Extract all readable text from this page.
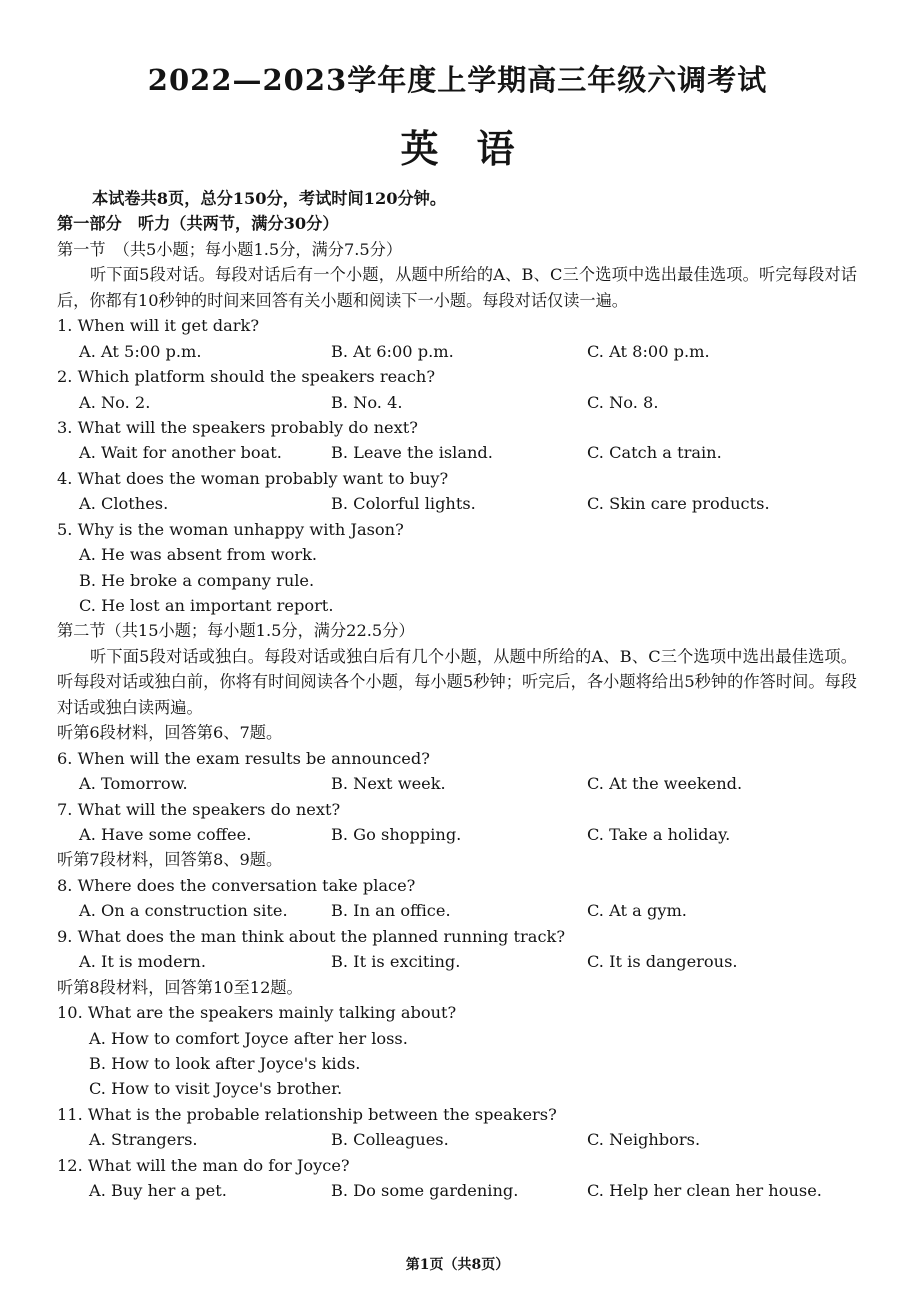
2022—2023学年度上学期高三年级六调考试
英语
本试卷共8页，总分150分，考试时间120分钟。
第一部分　听力（共两节，满分30分）
第一节　（共5小题；每小题1.5分，满分7.5分）
听下面5段对话。每段对话后有一个小题，从题中所给的A、B、C三个选项中选出最佳选项。听完每段对话后，你都有10秒钟的时间来回答有关小题和阅读下一小题。每段对话仅读一遍。
1. When will it get dark?
A. At 5:00 p.m.	B. At 6:00 p.m.	C. At 8:00 p.m.
2. Which platform should the speakers reach?
A. No. 2.	B. No. 4.	C. No. 8.
3. What will the speakers probably do next?
A. Wait for another boat.	B. Leave the island.	C. Catch a train.
4. What does the woman probably want to buy?
A. Clothes.	B. Colorful lights.	C. Skin care products.
5. Why is the woman unhappy with Jason?
A. He was absent from work.
B. He broke a company rule.
C. He lost an important report.
第二节（共15小题；每小题1.5分，满分22.5分）
听下面5段对话或独白。每段对话或独白后有几个小题，从题中所给的A、B、C三个选项中选出最佳选项。听每段对话或独白前，你将有时间阅读各个小题，每小题5秒钟；听完后，各小题将给出5秒钟的作答时间。每段对话或独白读两遍。
听第6段材料，回答第6、7题。
6. When will the exam results be announced?
A. Tomorrow.	B. Next week.	C. At the weekend.
7. What will the speakers do next?
A. Have some coffee.	B. Go shopping.	C. Take a holiday.
听第7段材料，回答第8、9题。
8. Where does the conversation take place?
A. On a construction site.	B. In an office.	C. At a gym.
9. What does the man think about the planned running track?
A. It is modern.	B. It is exciting.	C. It is dangerous.
听第8段材料，回答第10至12题。
10. What are the speakers mainly talking about?
A. How to comfort Joyce after her loss.
B. How to look after Joyce's kids.
C. How to visit Joyce's brother.
11. What is the probable relationship between the speakers?
A. Strangers.	B. Colleagues.	C. Neighbors.
12. What will the man do for Joyce?
A. Buy her a pet.	B. Do some gardening.	C. Help her clean her house.
第1页（共8页）
